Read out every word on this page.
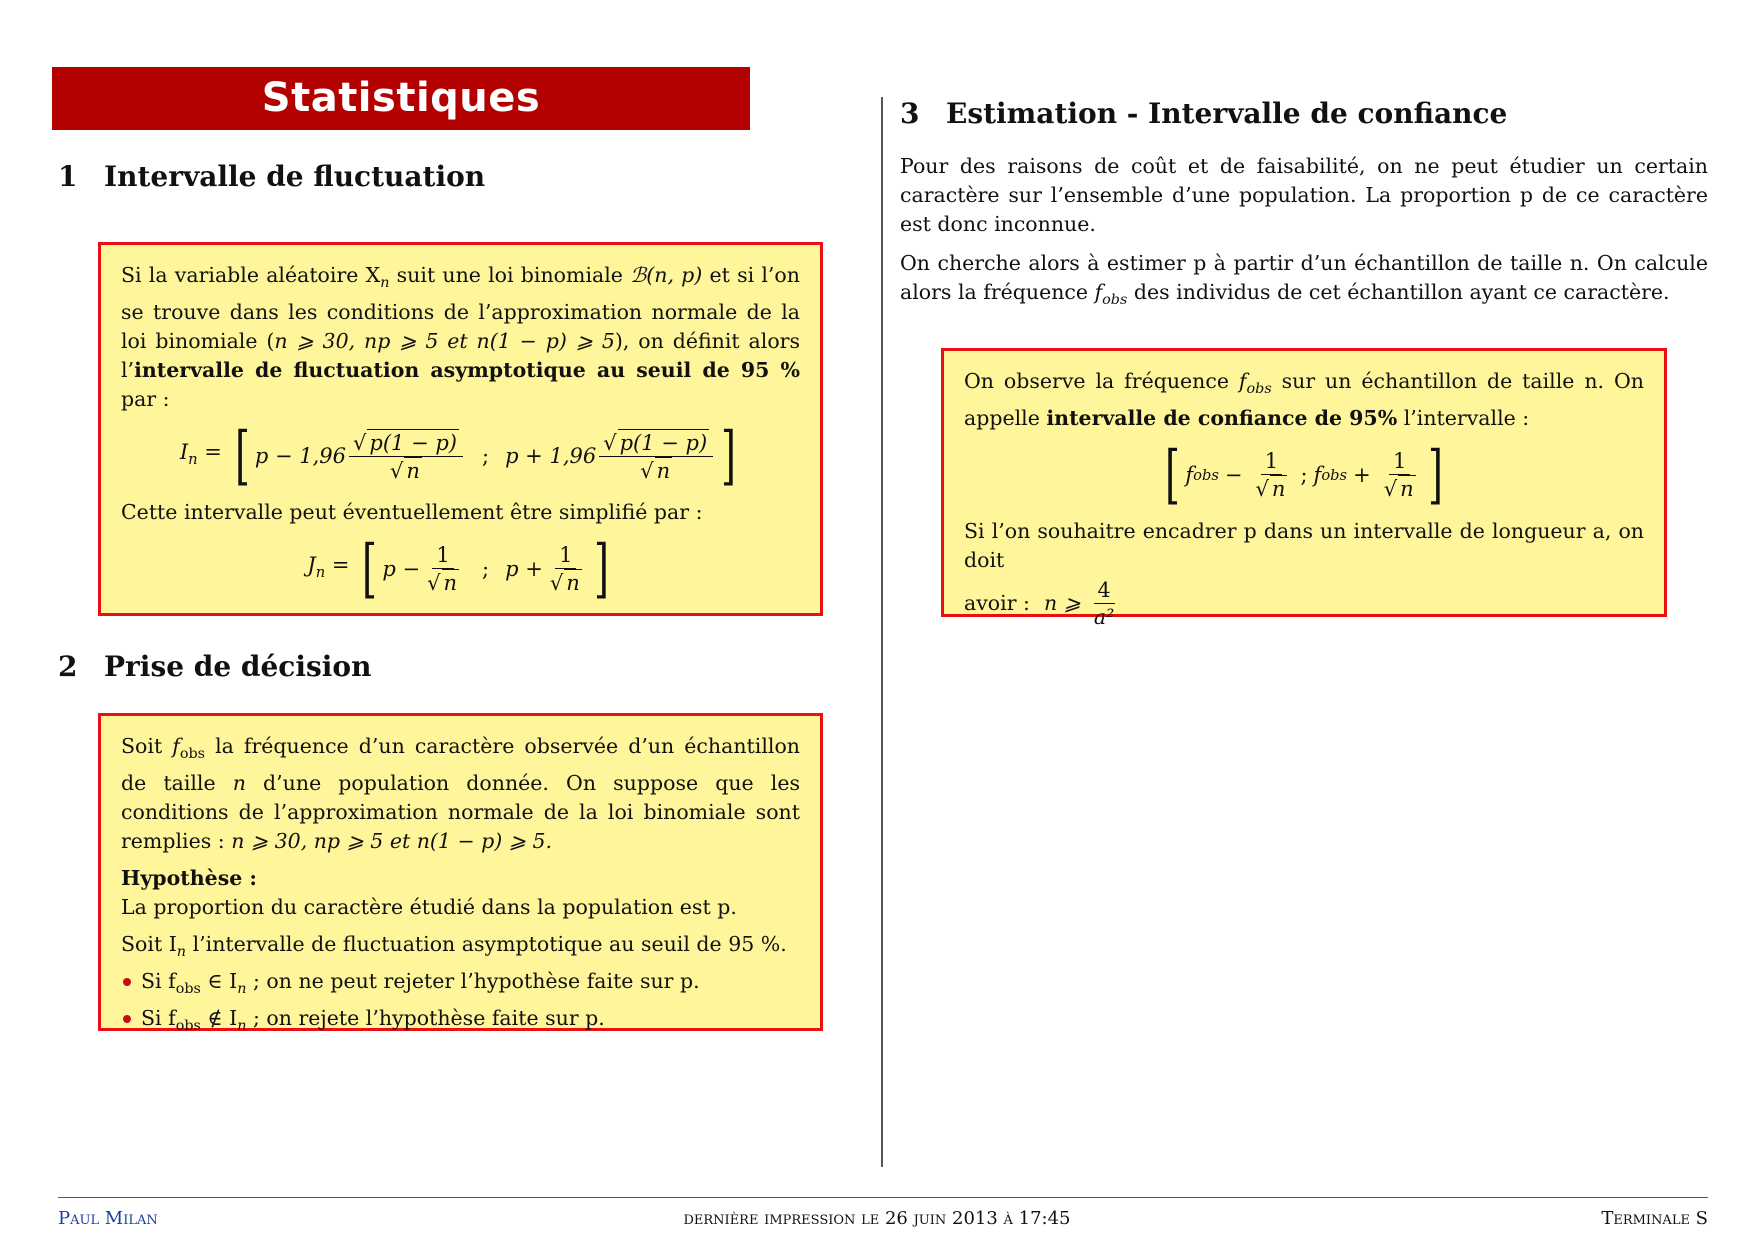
Statistiques
1 Intervalle de fluctuation

Si la variable aléatoire $X_n$ suit une loi binomiale ℬ(n, p) et si l’on se trouve dans les conditions de l’approximation normale de la loi binomiale (n ⩾ 30, np ⩾ 5 et n(1 − p) ⩾ 5), on définit alors l’intervalle de fluctuation asymptotique au seuil de 95 % par :

$I_n$ = [ $p - 1,96 \frac{√ p(1 - p)}{√ n}$ ; $p + 1,96 \frac{√ p(1 - p)}{√ n}$ ]

Cette intervalle peut éventuellement être simplifié par :

$J_n$ = [ $p - \frac{1}{√ n}$ ; $p + \frac{1}{√ n}$ ]
2 Prise de décision

Soit $f_{obs}$ la fréquence d’un caractère observée d’un échantillon de taille n d’une population donnée. On suppose que les conditions de l’approximation normale de la loi binomiale sont remplies : n ⩾ 30, np ⩾ 5 et n(1 − p) ⩾ 5.

Hypothèse :
La proportion du caractère étudié dans la population est p.

Soit $I_n$ l’intervalle de fluctuation asymptotique au seuil de 95 %.
Si $f_{obs}$ ∈ $I_n$ ; on ne peut rejeter l’hypothèse faite sur p.
Si $f_{obs}$ ∉ $I_n$ ; on rejete l’hypothèse faite sur p.
3 Estimation - Intervalle de confiance

Pour des raisons de coût et de faisabilité, on ne peut étudier un certain caractère sur l’ensemble d’une population. La proportion p de ce caractère est donc inconnue.

On cherche alors à estimer p à partir d’un échantillon de taille n. On calcule alors la fréquence $f_{obs}$ des individus de cet échantillon ayant ce caractère.

On observe la fréquence $f_{obs}$ sur un échantillon de taille n. On appelle intervalle de confiance de 95% l’intervalle :

[ f obs − $\frac{1}{√ n}$ ; f obs + $\frac{1}{√ n}$ ]

Si l’on souhaitre encadrer p dans un intervalle de longueur a, on doit

avoir : n ⩾ $\frac{4}{\text{a²}}$
Paul Milan	dernière impression le 26 juin 2013 à 17:45	Terminale S
